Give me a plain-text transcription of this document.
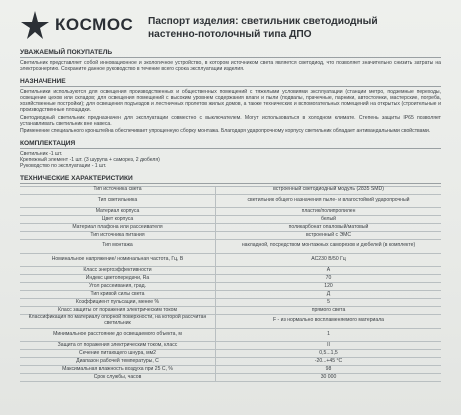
КОСМОС Паспорт изделия: светильник светодиодный
настенно-потолочный типа ДПО
УВАЖАЕМЫЙ ПОКУПАТЕЛЬ
Светильник представляет собой инновационное и экологичное устройство, в котором источником света является светодиод, что позволяет значительно снизить затраты на электроэнергию. Сохраните данное руководство в течение всего срока эксплуатации изделия.
НАЗНАЧЕНИЕ
Светильники используются для освещения производственных и общественных помещений с тяжелыми условиями эксплуатации (станции метро, подземные переходы, освещение цехов или складов; для освещения помещений с высоким уровнем содержания влаги и пыли (подвалы, прачечные, парники, автостоянки, мастерские, погреба, хозяйственные постройки); для освещения подъездов и лестничных пролетов жилых домов, а также технических и вспомогательных помещений на открытых (строительные и производственные площадки.
Светодиодный светильник предназначен для эксплуатации совместно с выключателем. Могут использоваться в холодном климате. Степень защиты IP65 позволяет устанавливать светильник вне навеса.
Применение специального кронштейна обеспечивает упрощенную сборку монтажа. Благодаря ударопрочному корпусу светильник обладает антивандальными свойствами.
КОМПЛЕКТАЦИЯ
Светильник -1 шт.
Крепежный элемент -1 шт. (3 шурупа + саморез, 2 дюбеля)
Руководство по эксплуатации - 1 шт.
ТЕХНИЧЕСКИЕ ХАРАКТЕРИСТИКИ
Тип источника света	встроенный светодиодный модуль (2835 SMD)
Тип светильника	светильник общего назначения пыле- и влагостойкий ударопрочный
Материал корпуса	пластик/полипропилен
Цвет корпуса	белый
Материал плафона или рассеивателя	поликарбонат опаловый/матовый
Тип источника питания	встроенный с ЭМС
Тип монтажа	накладной, посредством монтажных саморезов и дюбелей (в комплекте)
Номинальное напряжение/ номинальная частота, Гц, В	AC230 В/50 Гц
Класс энергоэффективности	A
Индекс цветопередачи, Ra	70
Угол рассеивания, град.	120
Тип кривой силы света	Д
Коэффициент пульсации, менее %	5
Класс защиты от поражения электрическим током	прямого света
Классификация по материалу опорной поверхности, на которой рассчитан светильник	F - из нормально воспламеняемого материала
Минимальное расстояние до освещаемого объекта, м	1
Защита от поражения электрическим током, класс	II
Сечение питающего шнура, мм2	0,5...1,5
Диапазон рабочей температуры, С	-20...+45 °С
Максимальная влажность воздуха при 25 С, %	98
Срок службы, часов	30 000
